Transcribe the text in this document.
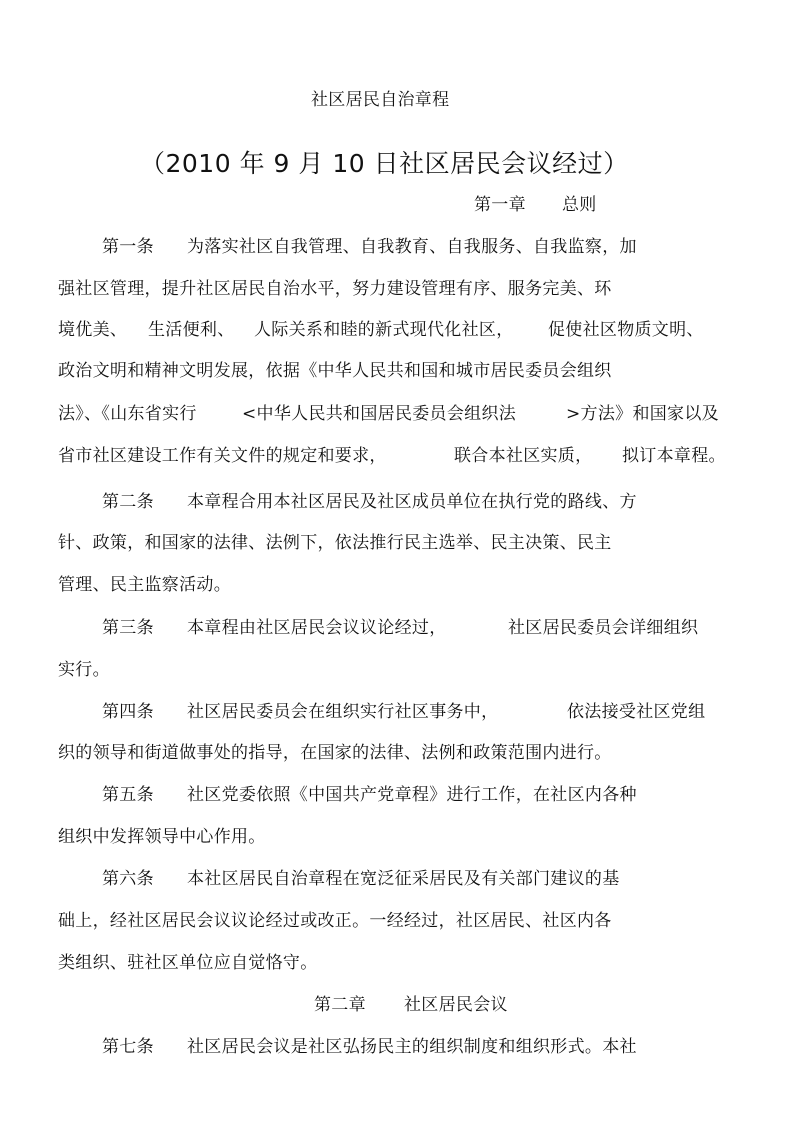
社区居民自治章程
（2010 年 9 月 10 日社区居民会议经过）
第一章 总则
第一条 为落实社区自我管理、自我教育、自我服务、自我监察，加
强社区管理，提升社区居民自治水平，努力建设管理有序、服务完美、环
境优美、 生活便利、 人际关系和睦的新式现代化社区， 促使社区物质文明、
政治文明和精神文明发展，依据《中华人民共和国和城市居民委员会组织
法》、《山东省实行	<中华人民共和国居民委员会组织法	>方法》和国家以及
省市社区建设工作有关文件的规定和要求，	联合本社区实质， 拟订本章程。
第二条 本章程合用本社区居民及社区成员单位在执行党的路线、方
针、政策，和国家的法律、法例下，依法推行民主选举、民主决策、民主
管理、民主监察活动。
第三条 本章程由社区居民会议议论经过，	社区居民委员会详细组织
实行。
第四条 社区居民委员会在组织实行社区事务中，	依法接受社区党组
织的领导和街道做事处的指导，在国家的法律、法例和政策范围内进行。
第五条 社区党委依照《中国共产党章程》进行工作，在社区内各种
组织中发挥领导中心作用。
第六条 本社区居民自治章程在宽泛征采居民及有关部门建议的基
础上，经社区居民会议议论经过或改正。一经经过，社区居民、社区内各
类组织、驻社区单位应自觉恪守。
第二章 社区居民会议
第七条 社区居民会议是社区弘扬民主的组织制度和组织形式。本社
